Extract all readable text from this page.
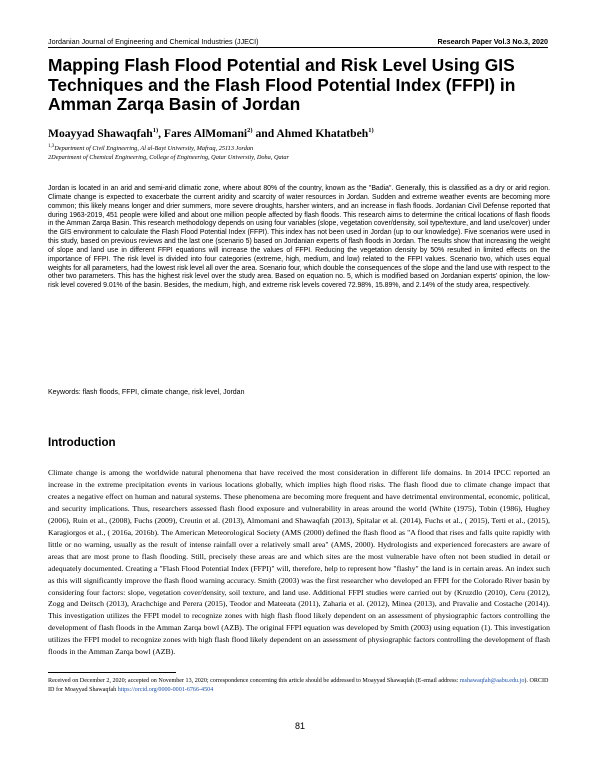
Jordanian Journal of Engineering and Chemical Industries (JJECI)	Research Paper Vol.3 No.3, 2020
Mapping Flash Flood Potential and Risk Level Using GIS Techniques and the Flash Flood Potential Index (FFPI) in Amman Zarqa Basin of Jordan
Moayyad Shawaqfah$^{1)}$, Fares AlMomani$^{2)}$ and Ahmed Khatatbeh$^{1)}$
$^{1,3}$Department of Civil Engineering, Al al-Bayt University, Mafraq, 25113 Jordan
2Department of Chemical Engineering, College of Engineering, Qatar University, Doha, Qatar

Jordan is located in an arid and semi-arid climatic zone, where about 80% of the country, known as the "Badia". Generally, this is classified as a dry or arid region. Climate change is expected to exacerbate the current aridity and scarcity of water resources in Jordan. Sudden and extreme weather events are becoming more common; this likely means longer and drier summers, more severe droughts, harsher winters, and an increase in flash floods. Jordanian Civil Defense reported that during 1963-2019, 451 people were killed and about one million people affected by flash floods. This research aims to determine the critical locations of flash floods in the Amman Zarqa Basin. This research methodology depends on using four variables (slope, vegetation cover/density, soil type/texture, and land use/cover) under the GIS environment to calculate the Flash Flood Potential Index (FFPI). This index has not been used in Jordan (up to our knowledge). Five scenarios were used in this study, based on previous reviews and the last one (scenario 5) based on Jordanian experts of flash floods in Jordan. The results show that increasing the weight of slope and land use in different FFPI equations will increase the values of FFPI. Reducing the vegetation density by 50% resulted in limited effects on the importance of FFPI. The risk level is divided into four categories (extreme, high, medium, and low) related to the FFPI values. Scenario two, which uses equal weights for all parameters, had the lowest risk level all over the area. Scenario four, which double the consequences of the slope and the land use with respect to the other two parameters. This has the highest risk level over the study area. Based on equation no. 5, which is modified based on Jordanian experts' opinion, the low-risk level covered 9.01% of the basin. Besides, the medium, high, and extreme risk levels covered 72.98%, 15.89%, and 2.14% of the study area, respectively.

Keywords: flash floods, FFPI, climate change, risk level, Jordan

Introduction

Climate change is among the worldwide natural phenomena that have received the most consideration in different life domains. In 2014 IPCC reported an increase in the extreme precipitation events in various locations globally, which implies high flood risks. The flash flood due to climate change impact that creates a negative effect on human and natural systems. These phenomena are becoming more frequent and have detrimental environmental, economic, political, and security implications. Thus, researchers assessed flash flood exposure and vulnerability in areas around the world (White (1975), Tobin (1986), Hughey (2006), Ruin et al., (2008), Fuchs (2009), Creutin et al. (2013), Almomani and Shawaqfah (2013), Spitalar et al. (2014), Fuchs et al., ( 2015), Terti et al., (2015), Karagiorgos et al., ( 2016a, 2016b). The American Meteorological Society (AMS (2000) defined the flash flood as "A flood that rises and falls quite rapidly with little or no warning, usually as the result of intense rainfall over a relatively small area" (AMS, 2000). Hydrologists and experienced forecasters are aware of areas that are most prone to flash flooding. Still, precisely these areas are and which sites are the most vulnerable have often not been studied in detail or adequately documented. Creating a "Flash Flood Potential Index (FFPI)" will, therefore, help to represent how "flashy" the land is in certain areas. An index such as this will significantly improve the flash flood warning accuracy. Smith (2003) was the first researcher who developed an FFPI for the Colorado River basin by considering four factors: slope, vegetation cover/density, soil texture, and land use. Additional FFPI studies were carried out by (Kruzdlo (2010), Ceru (2012), Zogg and Deitsch (2013), Arachchige and Perera (2015), Teodor and Mateeata (2011), Zaharia et al. (2012), Minea (2013), and Pravalie and Costache (2014)). This investigation utilizes the FFPI model to recognize zones with high flash flood likely dependent on an assessment of physiographic factors controlling the development of flash floods in the Amman Zarqa bowl (AZB). The original FFPI equation was developed by Smith (2003) using equation (1). This investigation utilizes the FFPI model to recognize zones with high flash flood likely dependent on an assessment of physiographic factors controlling the development of flash floods in the Amman Zarqa bowl (AZB).

Received on December 2, 2020; accepted on November 13, 2020; correspondence concerning this article should be addressed to Moayyad Shawaqfah (E-email address: mshawaqfah@aabu.edu.jo). ORCID ID for Moayyad Shawaqfah https://orcid.org/0000-0001-6766-4504

81
